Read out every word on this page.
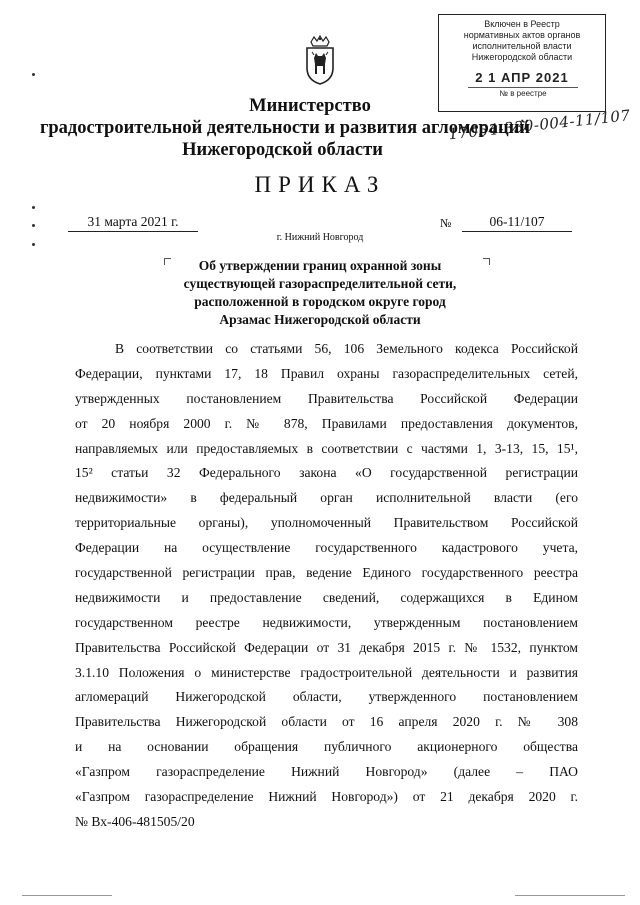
Включен в Реестр
нормативных актов органов
исполнительной власти
Нижегородской области
2 1 АПР 2021
№ в реестре
17054-330-004-11/107
Министерство
градостроительной деятельности и развития агломераций
Нижегородской области
ПРИКАЗ
31 марта 2021 г.	№	06-11/107
г. Нижний Новгород
Об утверждении границ охранной зоны
существующей газораспределительной сети,
расположенной в городском округе город
Арзамас Нижегородской области
В соответствии со статьями 56, 106 Земельного кодекса Российской
Федерации, пунктами 17, 18 Правил охраны газораспределительных сетей,
утвержденных постановлением Правительства Российской Федерации
от 20 ноября 2000 г. № 878, Правилами предоставления документов,
направляемых или предоставляемых в соответствии с частями 1, 3-13, 15, 15¹,
15² статьи 32 Федерального закона «О государственной регистрации
недвижимости» в федеральный орган исполнительной власти (его
территориальные органы), уполномоченный Правительством Российской
Федерации на осуществление государственного кадастрового учета,
государственной регистрации прав, ведение Единого государственного реестра
недвижимости и предоставление сведений, содержащихся в Едином
государственном реестре недвижимости, утвержденным постановлением
Правительства Российской Федерации от 31 декабря 2015 г. № 1532, пунктом
3.1.10 Положения о министерстве градостроительной деятельности и развития
агломераций Нижегородской области, утвержденного постановлением
Правительства Нижегородской области от 16 апреля 2020 г. № 308
и на основании обращения публичного акционерного общества
«Газпром газораспределение Нижний Новгород» (далее – ПАО
«Газпром газораспределение Нижний Новгород») от 21 декабря 2020 г.
№ Вх-406-481505/20
